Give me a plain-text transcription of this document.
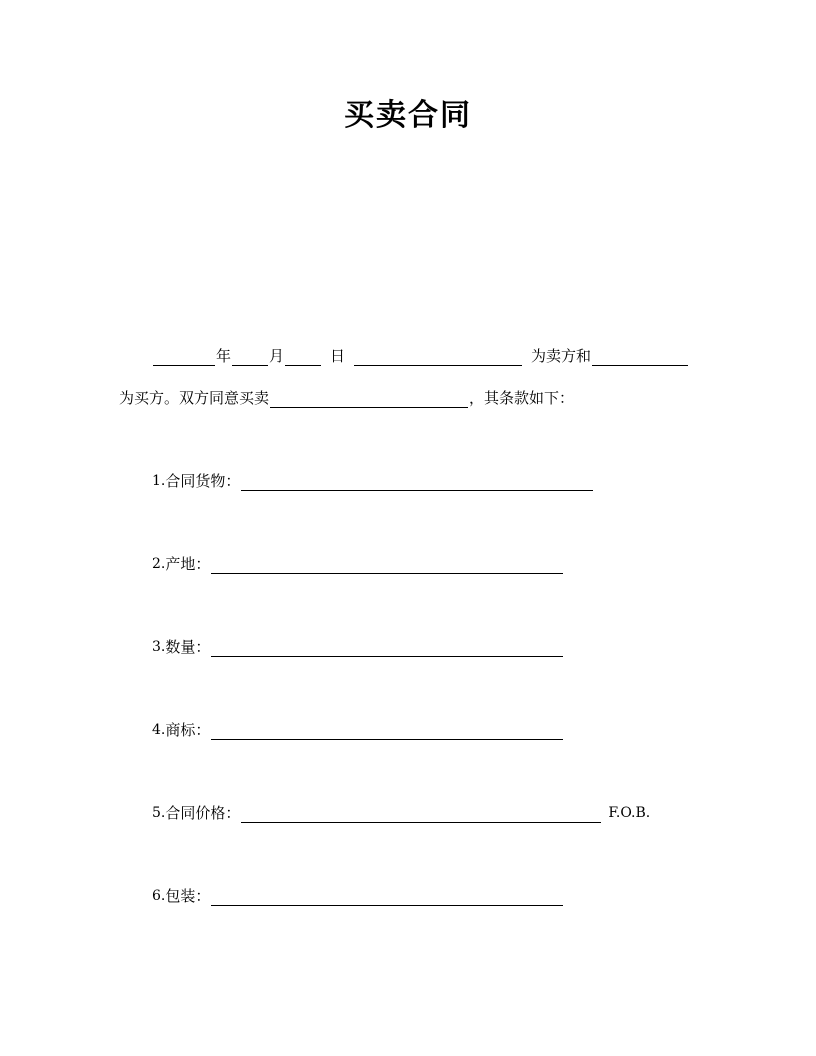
买卖合同
年	月	日	为卖方和
为买方。双方同意买卖	，其条款如下：
1. 合同货物：
2. 产地：
3. 数量：
4. 商标：
5. 合同价格：	F.O.B.
6. 包装：
